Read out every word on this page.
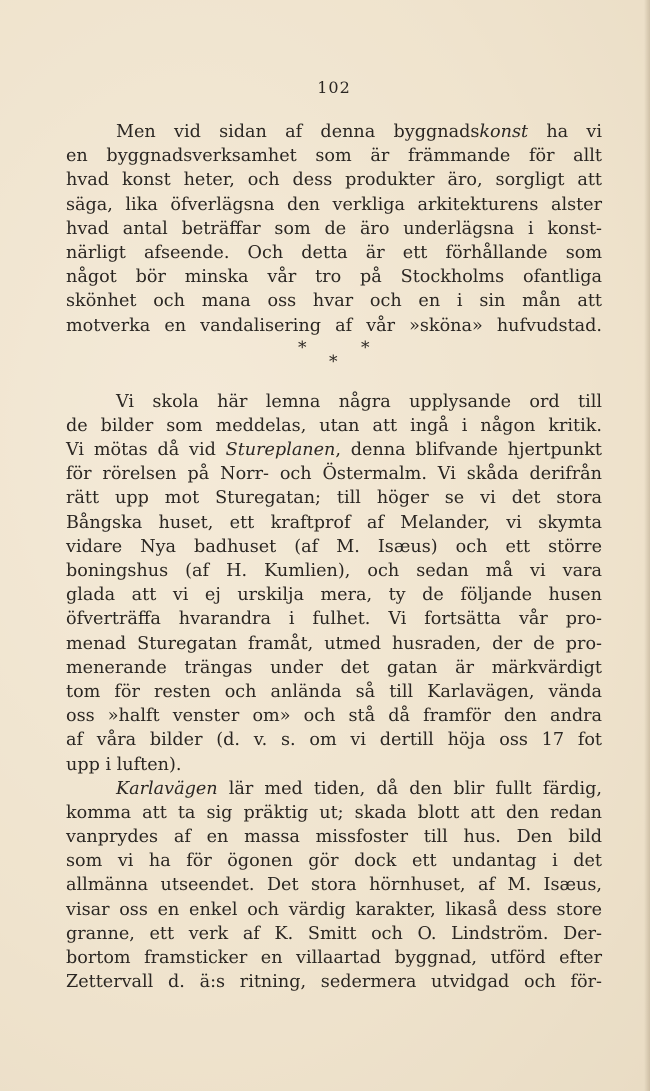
102
Men vid sidan af denna byggnadskonst ha vi
en byggnadsverksamhet som är främmande för allt
hvad konst heter, och dess produkter äro, sorgligt att
säga, lika öfverlägsna den verkliga arkitekturens alster
hvad antal beträffar som de äro underlägsna i konst-
närligt afseende. Och detta är ett förhållande som
något bör minska vår tro på Stockholms ofantliga
skönhet och mana oss hvar och en i sin mån att
motverka en vandalisering af vår »sköna» hufvudstad.
*	*
*
Vi skola här lemna några upplysande ord till
de bilder som meddelas, utan att ingå i någon kritik.
Vi mötas då vid Stureplanen, denna blifvande hjertpunkt
för rörelsen på Norr- och Östermalm. Vi skåda derifrån
rätt upp mot Sturegatan; till höger se vi det stora
Bångska huset, ett kraftprof af Melander, vi skymta
vidare Nya badhuset (af M. Isæus) och ett större
boningshus (af H. Kumlien), och sedan må vi vara
glada att vi ej urskilja mera, ty de följande husen
öfverträffa hvarandra i fulhet. Vi fortsätta vår pro-
menad Sturegatan framåt, utmed husraden, der de pro-
menerande trängas under det gatan är märkvärdigt
tom för resten och anlända så till Karlavägen, vända
oss »halft venster om» och stå då framför den andra
af våra bilder (d. v. s. om vi dertill höja oss 17 fot
upp i luften).
Karlavägen lär med tiden, då den blir fullt färdig,
komma att ta sig präktig ut; skada blott att den redan
vanprydes af en massa missfoster till hus. Den bild
som vi ha för ögonen gör dock ett undantag i det
allmänna utseendet. Det stora hörnhuset, af M. Isæus,
visar oss en enkel och värdig karakter, likaså dess store
granne, ett verk af K. Smitt och O. Lindström. Der-
bortom framsticker en villaartad byggnad, utförd efter
Zettervall d. ä:s ritning, sedermera utvidgad och för-
